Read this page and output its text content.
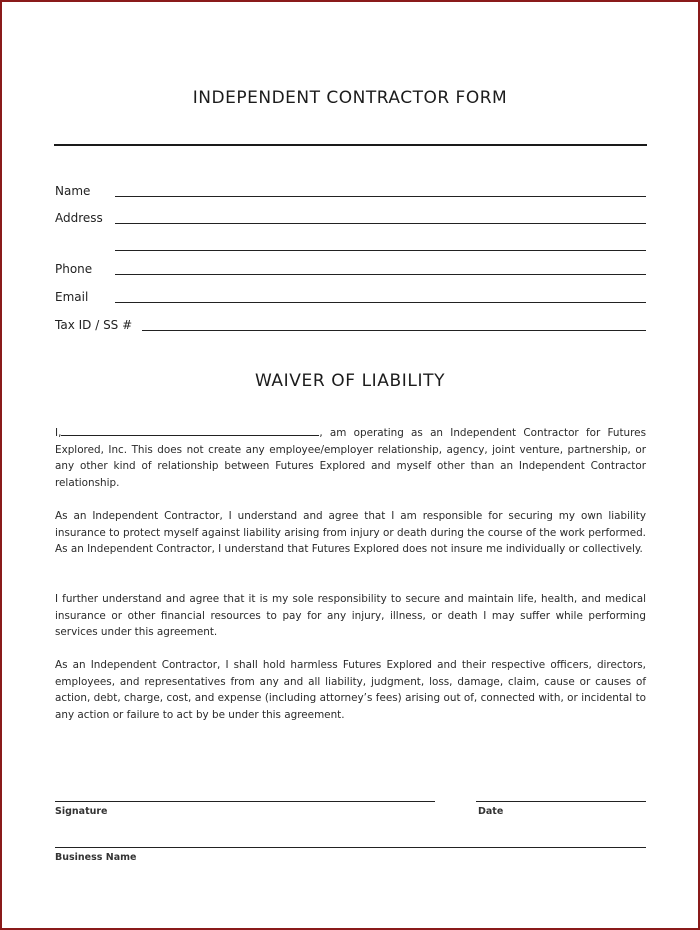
INDEPENDENT CONTRACTOR FORM
Name
Address
Phone
Email
Tax ID / SS #
WAIVER OF LIABILITY

I,	, am operating as an Independent Contractor for Futures Explored, Inc. This does not create any employee/employer relationship, agency, joint venture, partnership, or any other kind of relationship between Futures Explored and myself other than an Independent Contractor relationship.

As an Independent Contractor, I understand and agree that I am responsible for securing my own liability insurance to protect myself against liability arising from injury or death during the course of the work performed. As an Independent Contractor, I understand that Futures Explored does not insure me individually or collectively.

I further understand and agree that it is my sole responsibility to secure and maintain life, health, and medical insurance or other financial resources to pay for any injury, illness, or death I may suffer while performing services under this agreement.

As an Independent Contractor, I shall hold harmless Futures Explored and their respective officers, directors, employees, and representatives from any and all liability, judgment, loss, damage, claim, cause or causes of action, debt, charge, cost, and expense (including attorney’s fees) arising out of, connected with, or incidental to any action or failure to act by be under this agreement.

Signature	Date
Business Name
